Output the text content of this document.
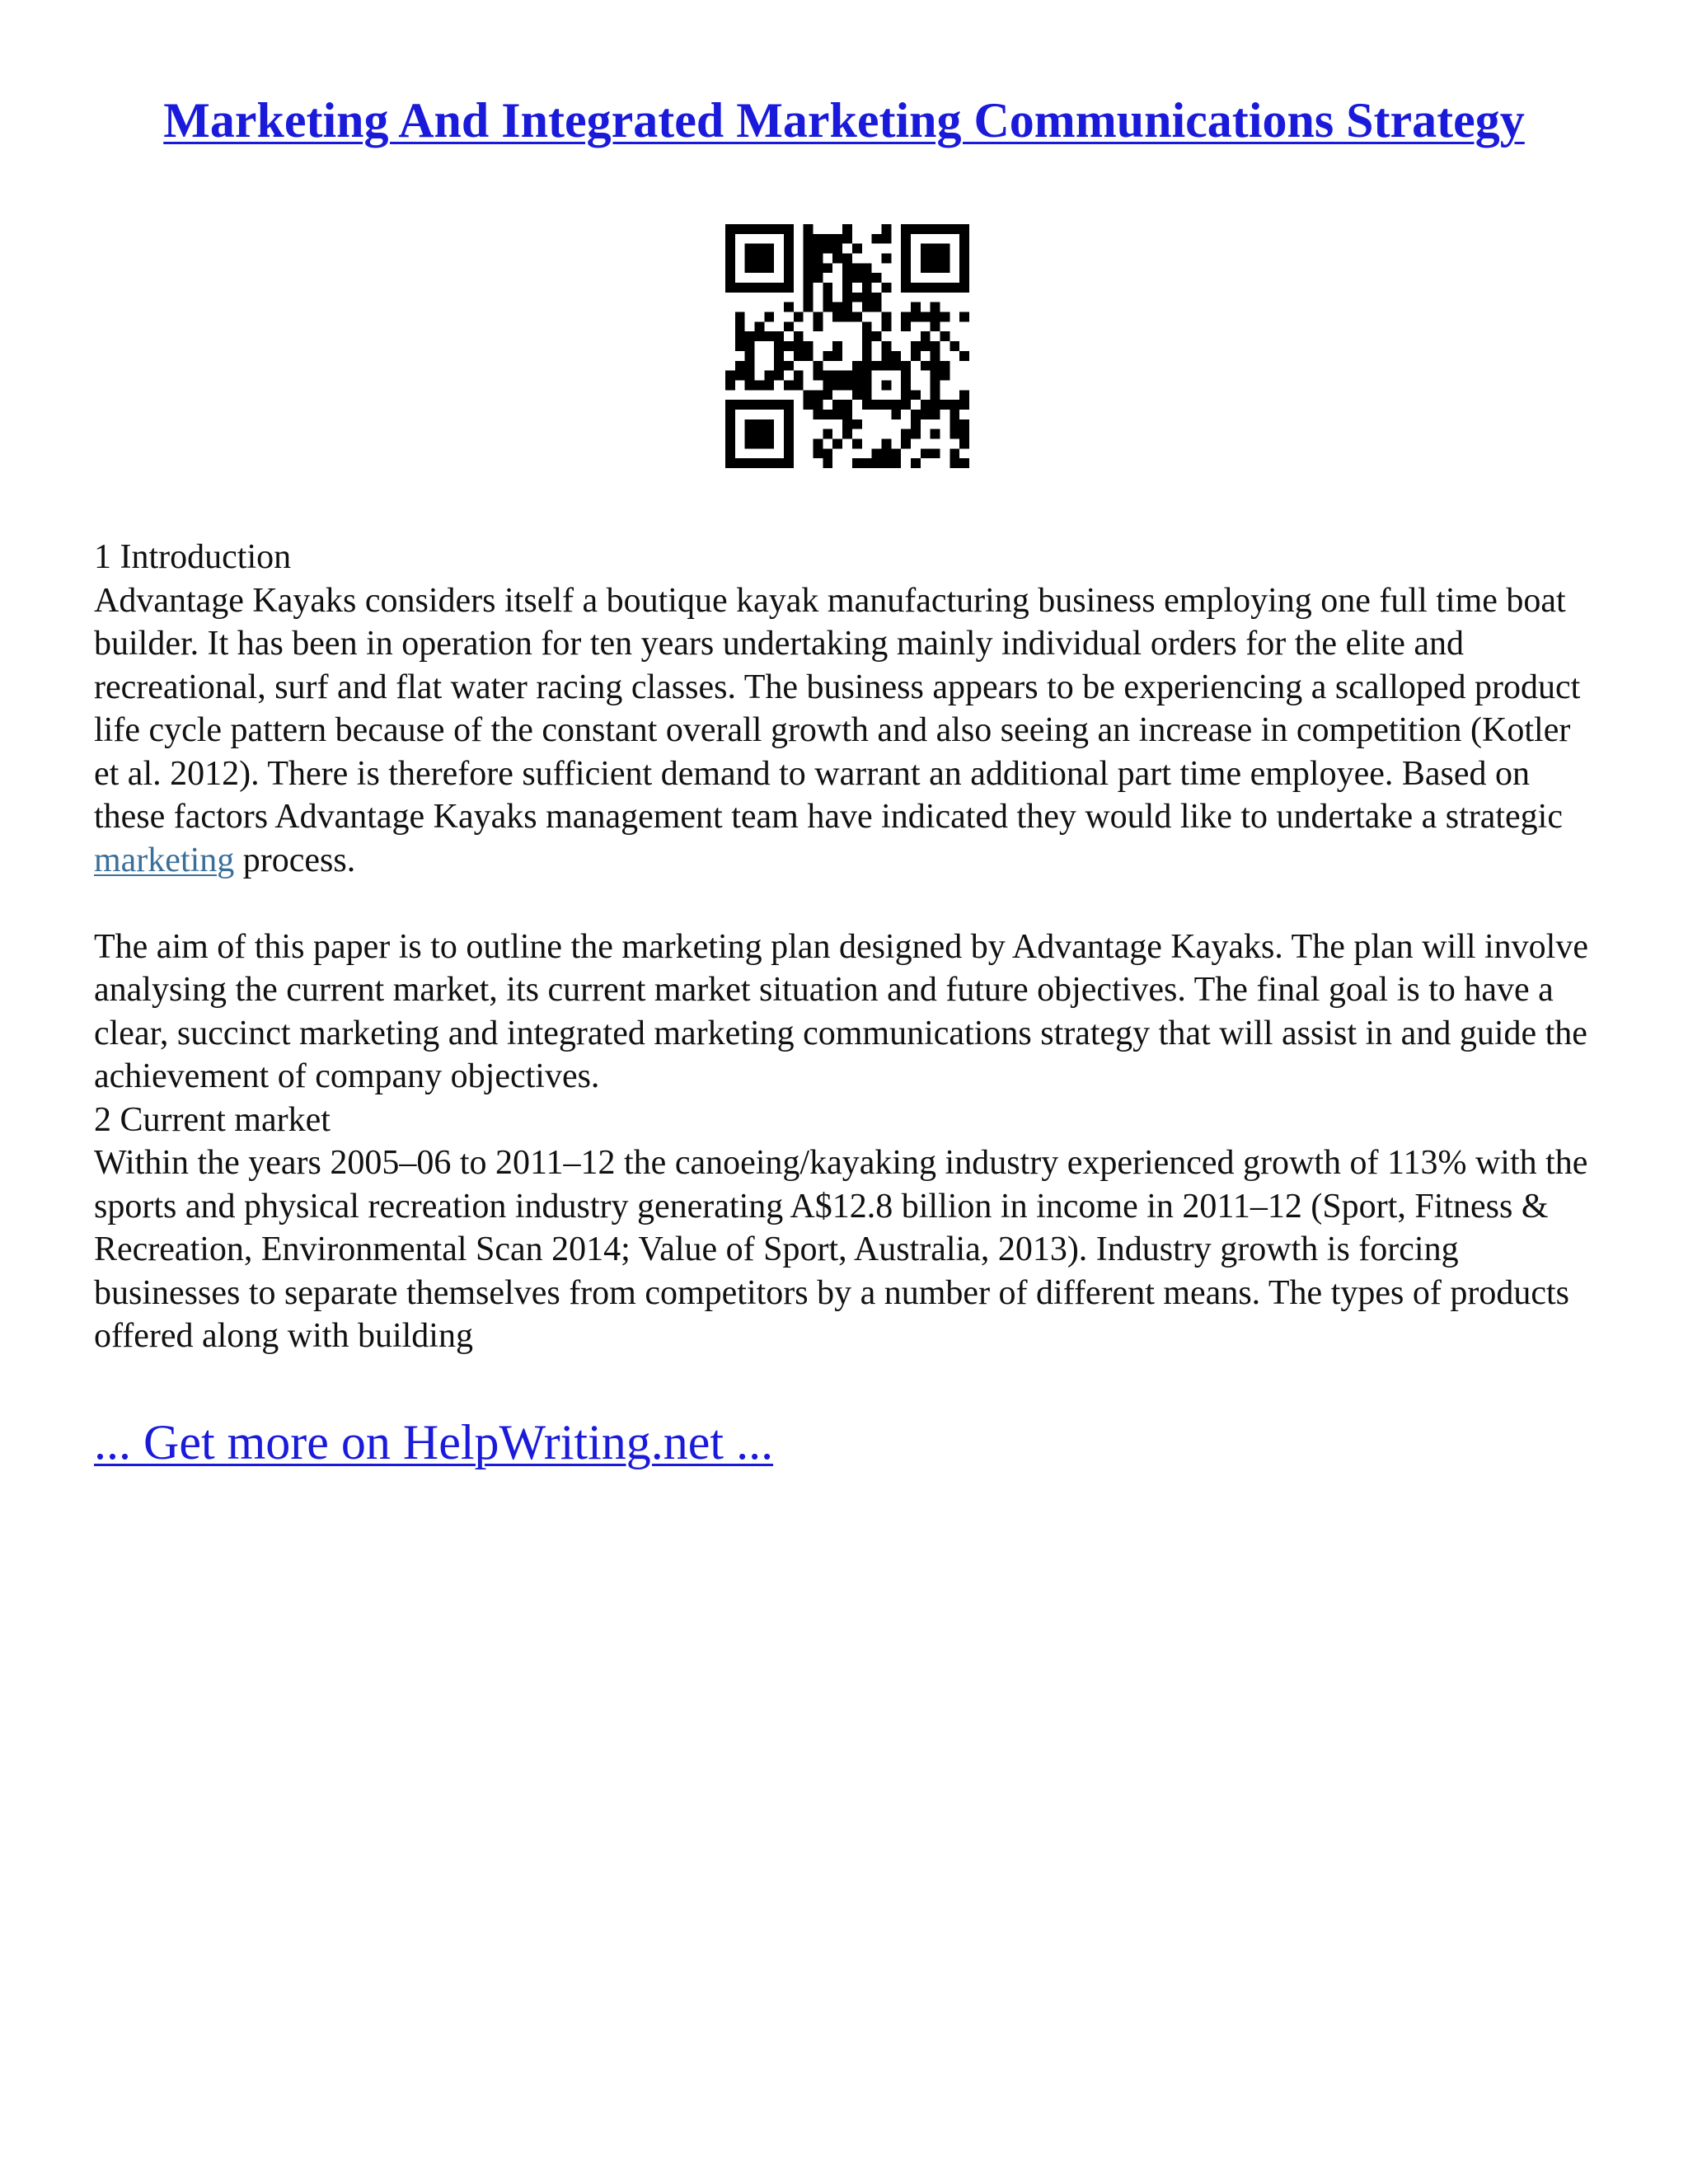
Marketing And Integrated Marketing Communications Strategy

1 Introduction

Advantage Kayaks considers itself a boutique kayak manufacturing business employing one full time boat builder. It has been in operation for ten years undertaking mainly individual orders for the elite and recreational, surf and flat water racing classes. The business appears to be experiencing a scalloped product life cycle pattern because of the constant overall growth and also seeing an increase in competition (Kotler et al. 2012). There is therefore sufficient demand to warrant an additional part time employee. Based on these factors Advantage Kayaks management team have indicated they would like to undertake a strategic marketing process.

The aim of this paper is to outline the marketing plan designed by Advantage Kayaks. The plan will involve analysing the current market, its current market situation and future objectives. The final goal is to have a clear, succinct marketing and integrated marketing communications strategy that will assist in and guide the achievement of company objectives.

2 Current market

Within the years 2005–06 to 2011–12 the canoeing/kayaking industry experienced growth of 113% with the sports and physical recreation industry generating A$12.8 billion in income in 2011–12 (Sport, Fitness & Recreation, Environmental Scan 2014; Value of Sport, Australia, 2013). Industry growth is forcing businesses to separate themselves from competitors by a number of different means. The types of products offered along with building

... Get more on HelpWriting.net ...
